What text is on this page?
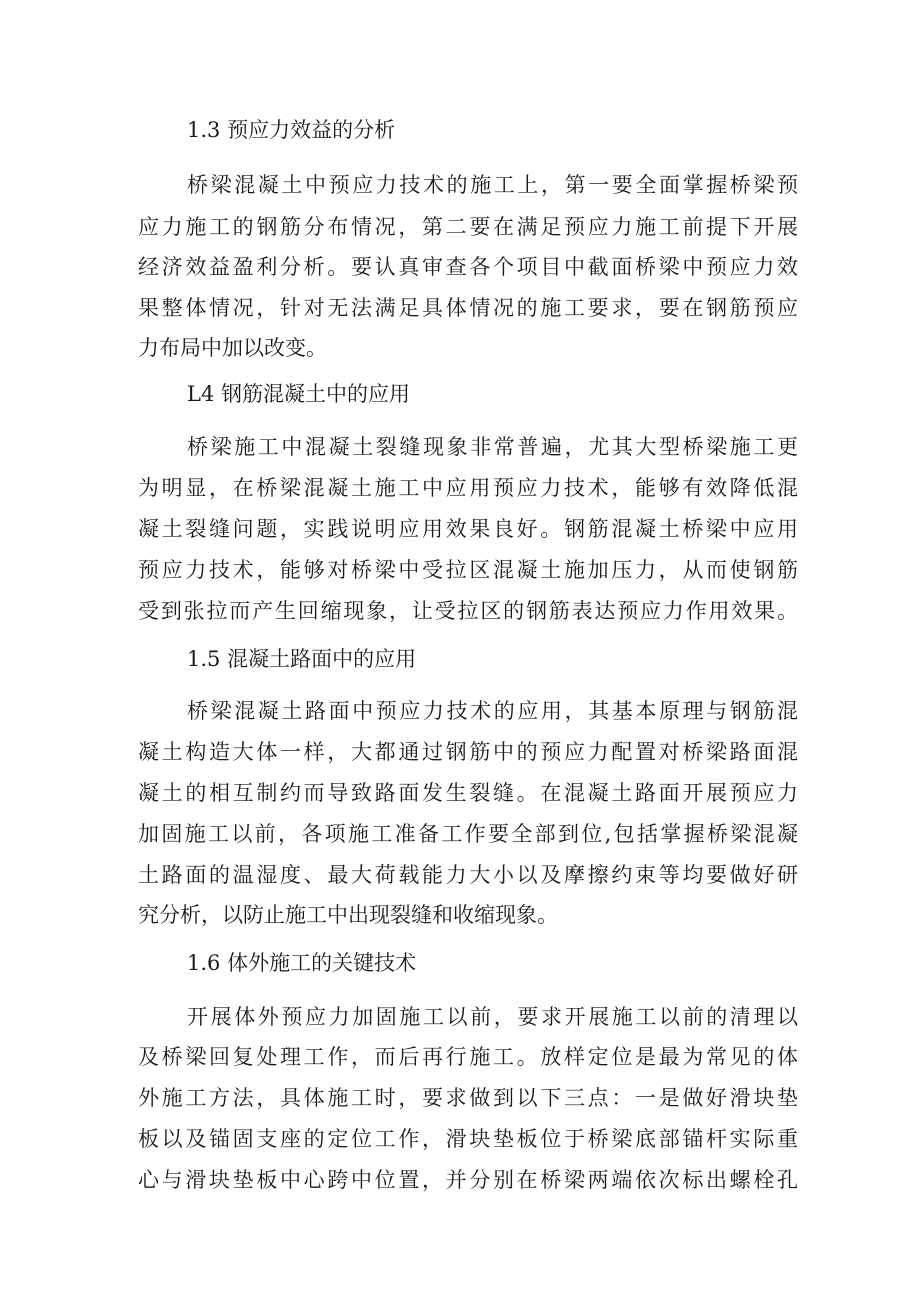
1.3 预应力效益的分析
桥梁混凝土中预应力技术的施工上，第一要全面掌握桥梁预
应力施工的钢筋分布情况，第二要在满足预应力施工前提下开展
经济效益盈利分析。要认真审查各个项目中截面桥梁中预应力效
果整体情况，针对无法满足具体情况的施工要求，要在钢筋预应
力布局中加以改变。
L4 钢筋混凝土中的应用
桥梁施工中混凝土裂缝现象非常普遍，尤其大型桥梁施工更
为明显，在桥梁混凝土施工中应用预应力技术，能够有效降低混
凝土裂缝问题，实践说明应用效果良好。钢筋混凝土桥梁中应用
预应力技术，能够对桥梁中受拉区混凝土施加压力，从而使钢筋
受到张拉而产生回缩现象，让受拉区的钢筋表达预应力作用效果。
1.5 混凝土路面中的应用
桥梁混凝土路面中预应力技术的应用，其基本原理与钢筋混
凝土构造大体一样，大都通过钢筋中的预应力配置对桥梁路面混
凝土的相互制约而导致路面发生裂缝。在混凝土路面开展预应力
加固施工以前，各项施工准备工作要全部到位,包括掌握桥梁混凝
土路面的温湿度、最大荷载能力大小以及摩擦约束等均要做好研
究分析，以防止施工中出现裂缝和收缩现象。
1.6 体外施工的关键技术
开展体外预应力加固施工以前，要求开展施工以前的清理以
及桥梁回复处理工作，而后再行施工。放样定位是最为常见的体
外施工方法，具体施工时，要求做到以下三点：一是做好滑块垫
板以及锚固支座的定位工作，滑块垫板位于桥梁底部锚杆实际重
心与滑块垫板中心跨中位置，并分别在桥梁两端依次标出螺栓孔
